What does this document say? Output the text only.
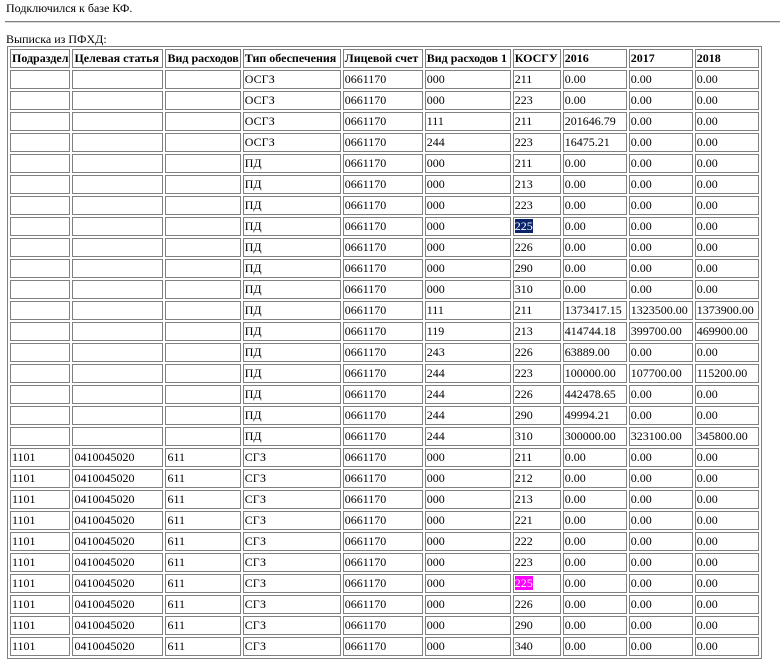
Подключился к базе КФ.
Выписка из ПФХД:
Подраздел	Целевая статья	Вид расходов	Тип обеспечения	Лицевой счет	Вид расходов 1	КОСГУ	2016	2017	2018
			ОСГЗ	0661170	000	211	0.00	0.00	0.00
			ОСГЗ	0661170	000	223	0.00	0.00	0.00
			ОСГЗ	0661170	111	211	201646.79	0.00	0.00
			ОСГЗ	0661170	244	223	16475.21	0.00	0.00
			ПД	0661170	000	211	0.00	0.00	0.00
			ПД	0661170	000	213	0.00	0.00	0.00
			ПД	0661170	000	223	0.00	0.00	0.00
			ПД	0661170	000	225	0.00	0.00	0.00
			ПД	0661170	000	226	0.00	0.00	0.00
			ПД	0661170	000	290	0.00	0.00	0.00
			ПД	0661170	000	310	0.00	0.00	0.00
			ПД	0661170	111	211	1373417.15	1323500.00	1373900.00
			ПД	0661170	119	213	414744.18	399700.00	469900.00
			ПД	0661170	243	226	63889.00	0.00	0.00
			ПД	0661170	244	223	100000.00	107700.00	115200.00
			ПД	0661170	244	226	442478.65	0.00	0.00
			ПД	0661170	244	290	49994.21	0.00	0.00
			ПД	0661170	244	310	300000.00	323100.00	345800.00
1101	0410045020	611	СГЗ	0661170	000	211	0.00	0.00	0.00
1101	0410045020	611	СГЗ	0661170	000	212	0.00	0.00	0.00
1101	0410045020	611	СГЗ	0661170	000	213	0.00	0.00	0.00
1101	0410045020	611	СГЗ	0661170	000	221	0.00	0.00	0.00
1101	0410045020	611	СГЗ	0661170	000	222	0.00	0.00	0.00
1101	0410045020	611	СГЗ	0661170	000	223	0.00	0.00	0.00
1101	0410045020	611	СГЗ	0661170	000	225	0.00	0.00	0.00
1101	0410045020	611	СГЗ	0661170	000	226	0.00	0.00	0.00
1101	0410045020	611	СГЗ	0661170	000	290	0.00	0.00	0.00
1101	0410045020	611	СГЗ	0661170	000	340	0.00	0.00	0.00
